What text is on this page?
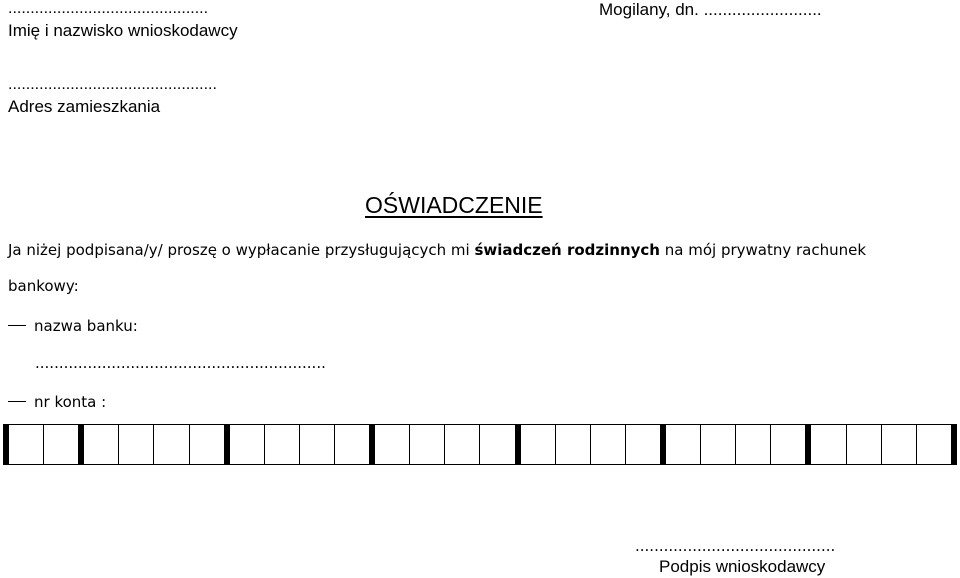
.............................................
Imię i nazwisko wnioskodawcy
Mogilany, dn. .........................
...............................................
Adres zamieszkania
OŚWIADCZENIE
Ja niżej podpisana/y/ proszę o wypłacanie przysługujących mi świadczeń rodzinnych na mój prywatny rachunek
bankowy:
nazwa banku:
.............................................................
nr konta :
..........................................
Podpis wnioskodawcy
